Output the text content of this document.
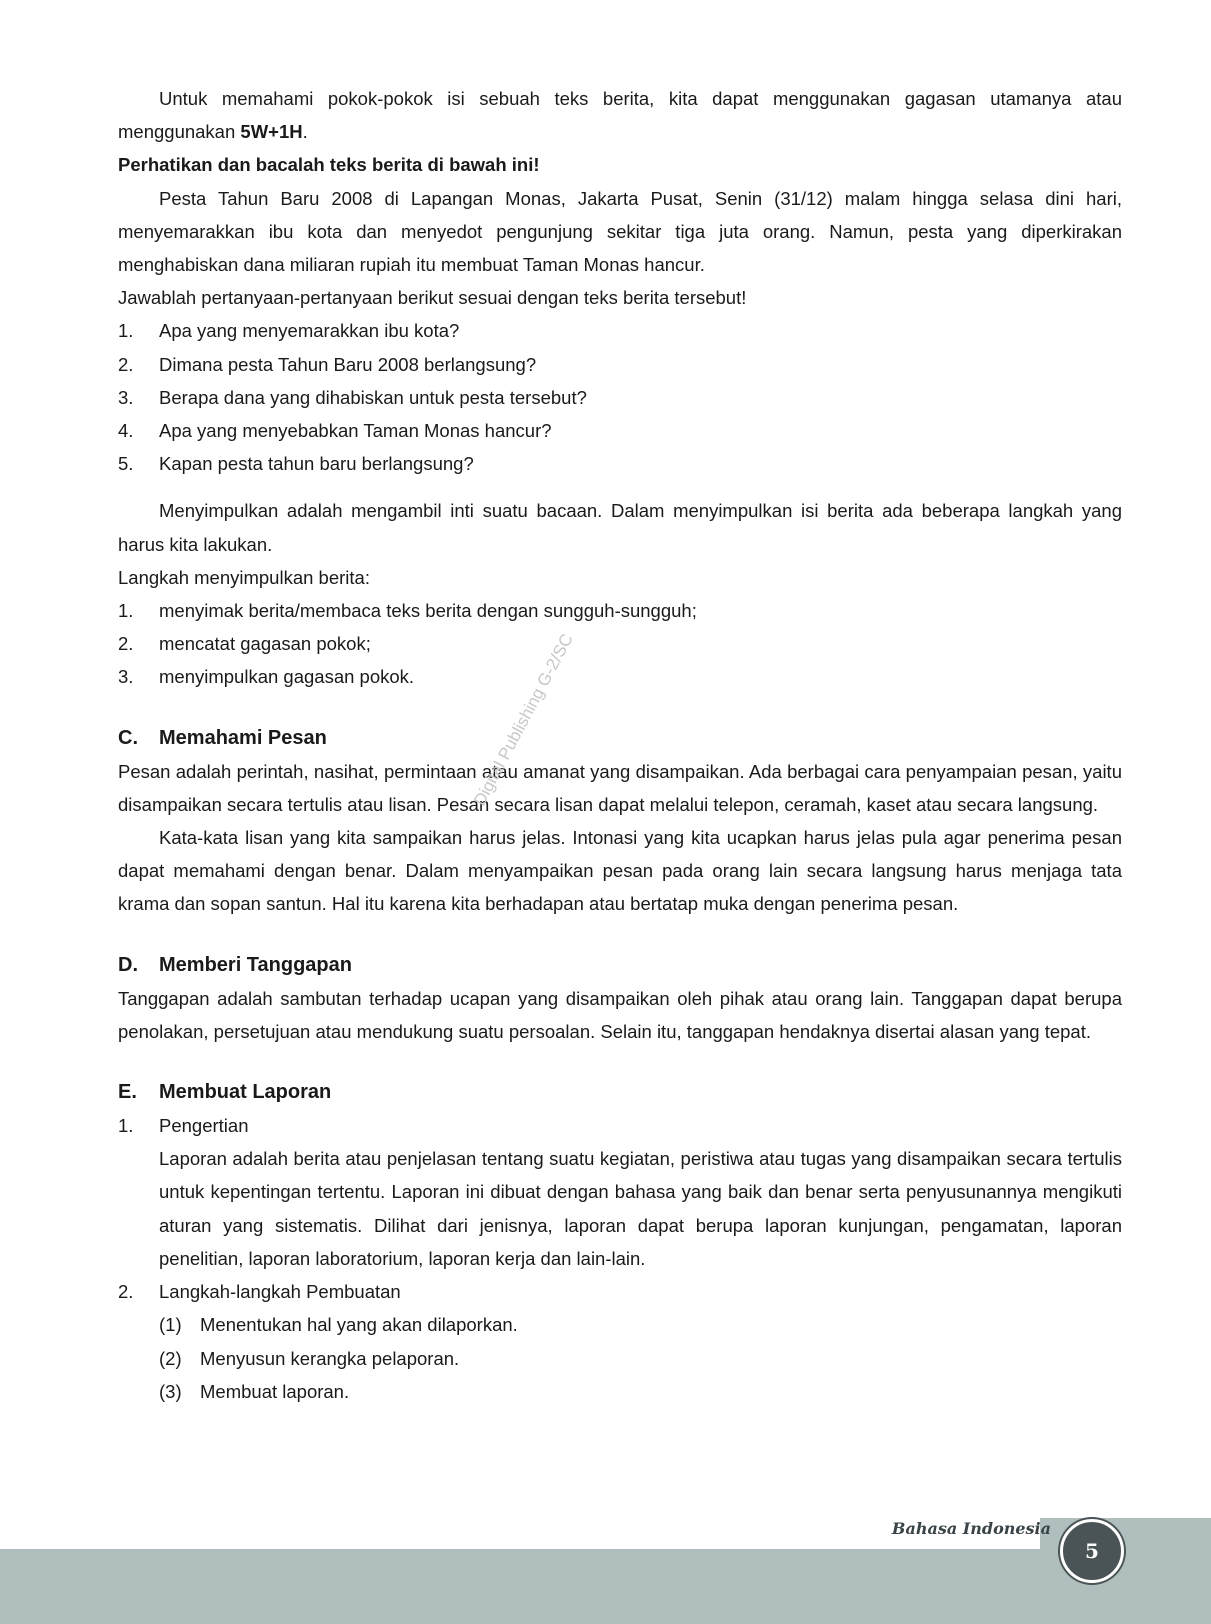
Untuk memahami pokok-pokok isi sebuah teks berita, kita dapat menggunakan gagasan utamanya atau menggunakan 5W+1H.

Perhatikan dan bacalah teks berita di bawah ini!

Pesta Tahun Baru 2008 di Lapangan Monas, Jakarta Pusat, Senin (31/12) malam hingga selasa dini hari, menyemarakkan ibu kota dan menyedot pengunjung sekitar tiga juta orang. Namun, pesta yang diperkirakan menghabiskan dana miliaran rupiah itu membuat Taman Monas hancur.

Jawablah pertanyaan-pertanyaan berikut sesuai dengan teks berita tersebut!

1. Apa yang menyemarakkan ibu kota?
2. Dimana pesta Tahun Baru 2008 berlangsung?
3. Berapa dana yang dihabiskan untuk pesta tersebut?
4. Apa yang menyebabkan Taman Monas hancur?
5. Kapan pesta tahun baru berlangsung?

Menyimpulkan adalah mengambil inti suatu bacaan. Dalam menyimpulkan isi berita ada beberapa langkah yang harus kita lakukan.

Langkah menyimpulkan berita:

1. menyimak berita/membaca teks berita dengan sungguh-sungguh;
2. mencatat gagasan pokok;
3. menyimpulkan gagasan pokok.
C. Memahami Pesan

Pesan adalah perintah, nasihat, permintaan atau amanat yang disampaikan. Ada berbagai cara penyampaian pesan, yaitu disampaikan secara tertulis atau lisan. Pesan secara lisan dapat melalui telepon, ceramah, kaset atau secara langsung.

Kata-kata lisan yang kita sampaikan harus jelas. Intonasi yang kita ucapkan harus jelas pula agar penerima pesan dapat memahami dengan benar. Dalam menyampaikan pesan pada orang lain secara langsung harus menjaga tata krama dan sopan santun. Hal itu karena kita berhadapan atau bertatap muka dengan penerima pesan.

D. Memberi Tanggapan

Tanggapan adalah sambutan terhadap ucapan yang disampaikan oleh pihak atau orang lain. Tanggapan dapat berupa penolakan, persetujuan atau mendukung suatu persoalan. Selain itu, tanggapan hendaknya disertai alasan yang tepat.

E. Membuat Laporan
1. Pengertian

Laporan adalah berita atau penjelasan tentang suatu kegiatan, peristiwa atau tugas yang disampaikan secara tertulis untuk kepentingan tertentu. Laporan ini dibuat dengan bahasa yang baik dan benar serta penyusunannya mengikuti aturan yang sistematis. Dilihat dari jenisnya, laporan dapat berupa laporan kunjungan, pengamatan, laporan penelitian, laporan laboratorium, laporan kerja dan lain-lain.

2. Langkah-langkah Pembuatan
(1) Menentukan hal yang akan dilaporkan.
(2) Menyusun kerangka pelaporan.
(3) Membuat laporan.
Digital Publishing G-2/SC
Bahasa Indonesia
5
